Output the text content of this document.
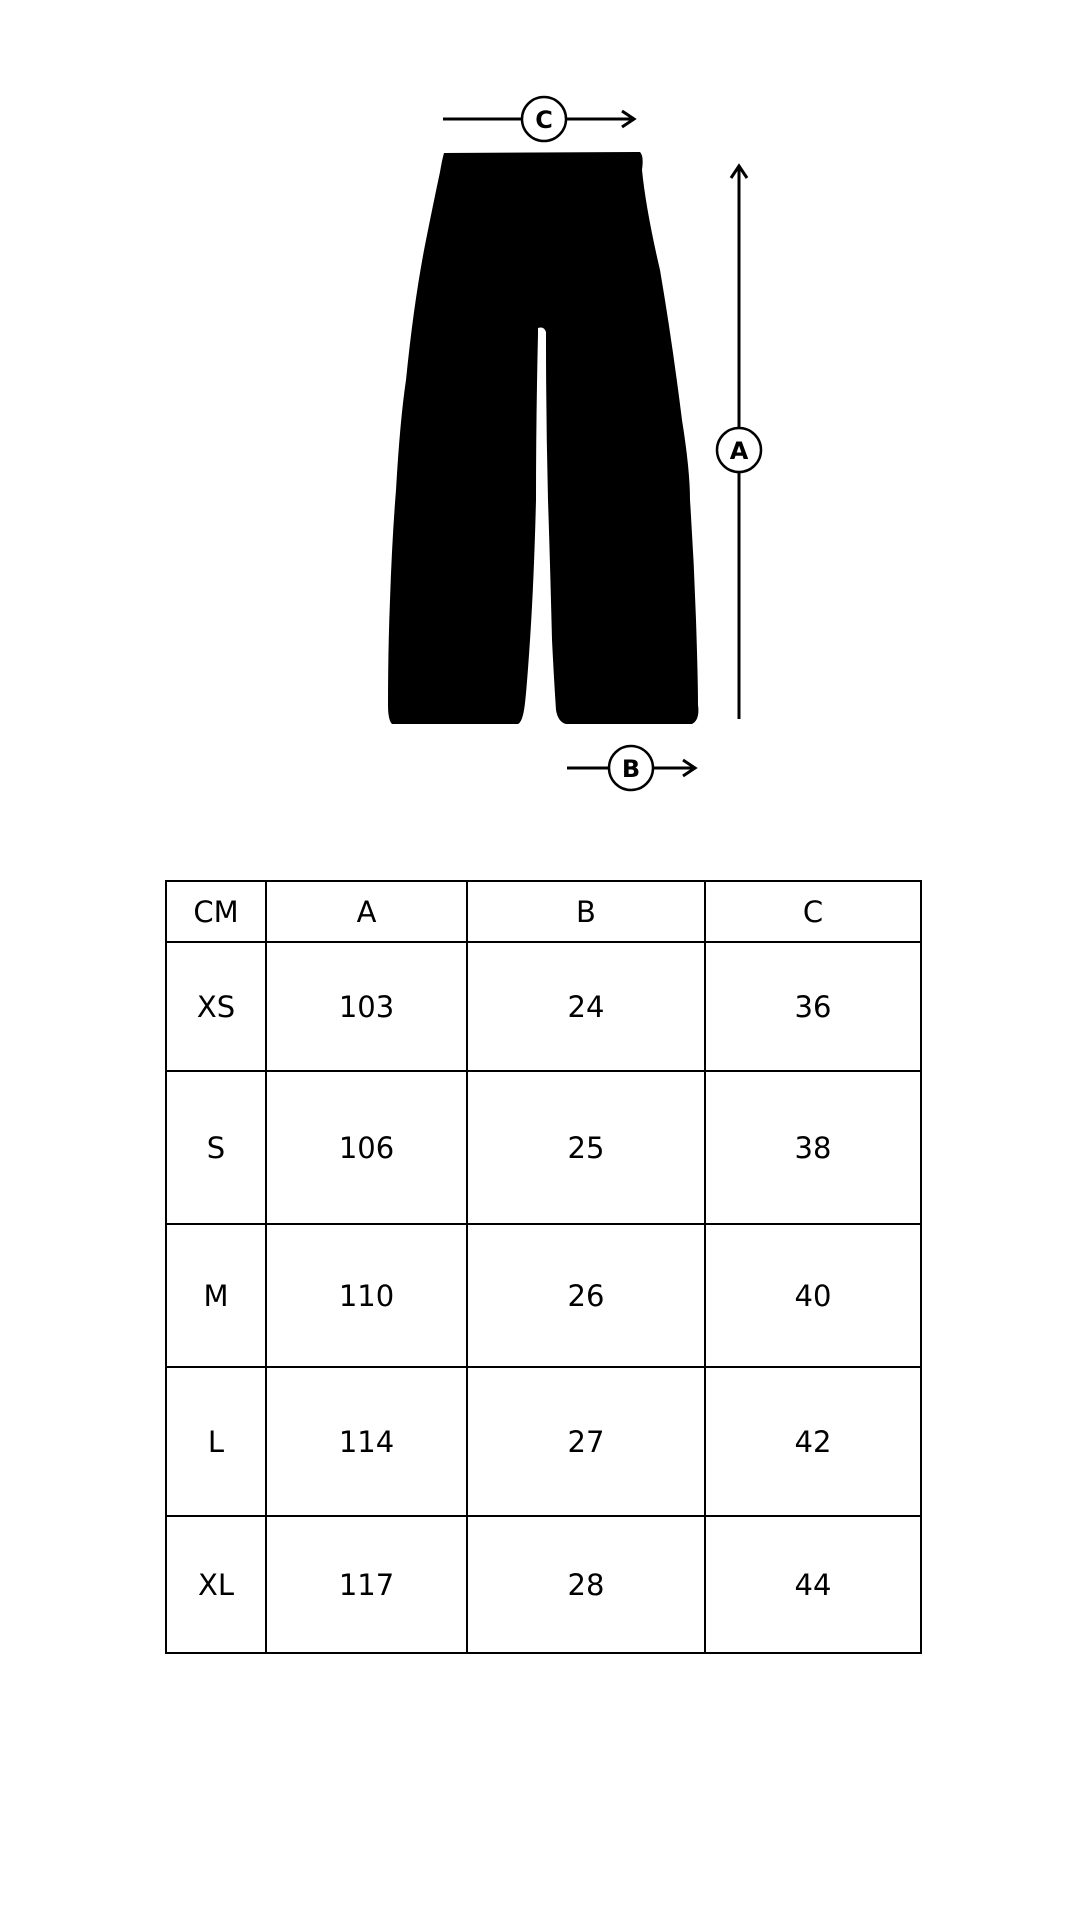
C
A
B
CM	A	B	C
XS	103	24	36
S	106	25	38
M	110	26	40
L	114	27	42
XL	117	28	44
